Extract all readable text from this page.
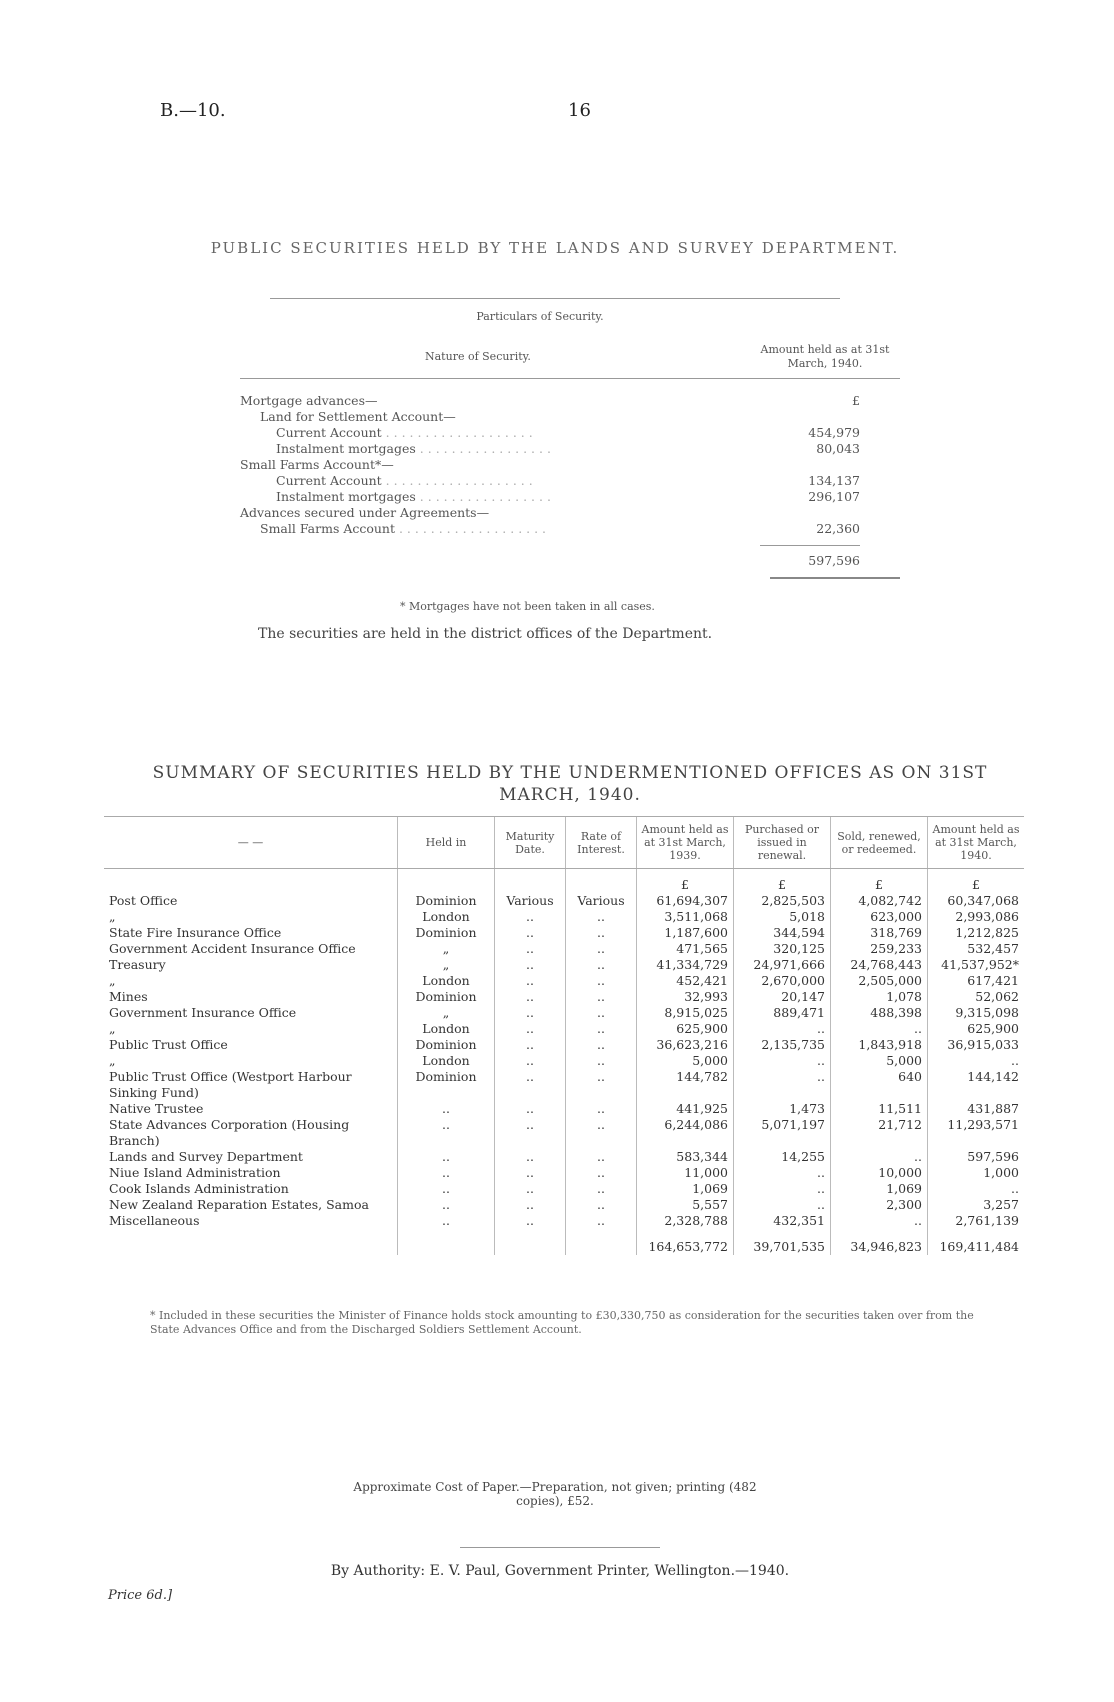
B.—10.	16
PUBLIC SECURITIES HELD BY THE LANDS AND SURVEY DEPARTMENT.
Particulars of Security.
Nature of Security.
Amount held as at 31st March, 1940.
£
Mortgage advances—
Land for Settlement Account—
Current Account . . . . . . . . . . . . . . . . . . .	454,979
Instalment mortgages . . . . . . . . . . . . . . . . .	80,043
Small Farms Account*—
Current Account . . . . . . . . . . . . . . . . . . .	134,137
Instalment mortgages . . . . . . . . . . . . . . . . .	296,107
Advances secured under Agreements—
Small Farms Account . . . . . . . . . . . . . . . . . . .	22,360
597,596
* Mortgages have not been taken in all cases.
The securities are held in the district offices of the Department.
SUMMARY OF SECURITIES HELD BY THE UNDERMENTIONED OFFICES AS ON 31ST MARCH, 1940.
— —	Held in	Maturity Date.	Rate of Interest.	Amount held as at 31st March, 1939.	Purchased or issued in renewal.	Sold, renewed, or redeemed.	Amount held as at 31st March, 1940.
				£	£	£	£
Post Office	Dominion	Various	Various	61,694,307	2,825,503	4,082,742	60,347,068
„	London	..	..	3,511,068	5,018	623,000	2,993,086
State Fire Insurance Office	Dominion	..	..	1,187,600	344,594	318,769	1,212,825
Government Accident Insurance Office	„	..	..	471,565	320,125	259,233	532,457
Treasury	„	..	..	41,334,729	24,971,666	24,768,443	41,537,952*
„	London	..	..	452,421	2,670,000	2,505,000	617,421
Mines	Dominion	..	..	32,993	20,147	1,078	52,062
Government Insurance Office	„	..	..	8,915,025	889,471	488,398	9,315,098
„	London	..	..	625,900	..	..	625,900
Public Trust Office	Dominion	..	..	36,623,216	2,135,735	1,843,918	36,915,033
„	London	..	..	5,000	..	5,000	..
Public Trust Office (Westport Harbour Sinking Fund)	Dominion	..	..	144,782	..	640	144,142
Native Trustee	..	..	..	441,925	1,473	11,511	431,887
State Advances Corporation (Housing Branch)	..	..	..	6,244,086	5,071,197	21,712	11,293,571
Lands and Survey Department	..	..	..	583,344	14,255	..	597,596
Niue Island Administration	..	..	..	11,000	..	10,000	1,000
Cook Islands Administration	..	..	..	1,069	..	1,069	..
New Zealand Reparation Estates, Samoa	..	..	..	5,557	..	2,300	3,257
Miscellaneous	..	..	..	2,328,788	432,351	..	2,761,139
				164,653,772	39,701,535	34,946,823	169,411,484
* Included in these securities the Minister of Finance holds stock amounting to £30,330,750 as consideration for the securities taken over from the State Advances Office and from the Discharged Soldiers Settlement Account.
Approximate Cost of Paper.—Preparation, not given; printing (482 copies), £52.
By Authority: E. V. Paul, Government Printer, Wellington.—1940.
Price 6d.]
